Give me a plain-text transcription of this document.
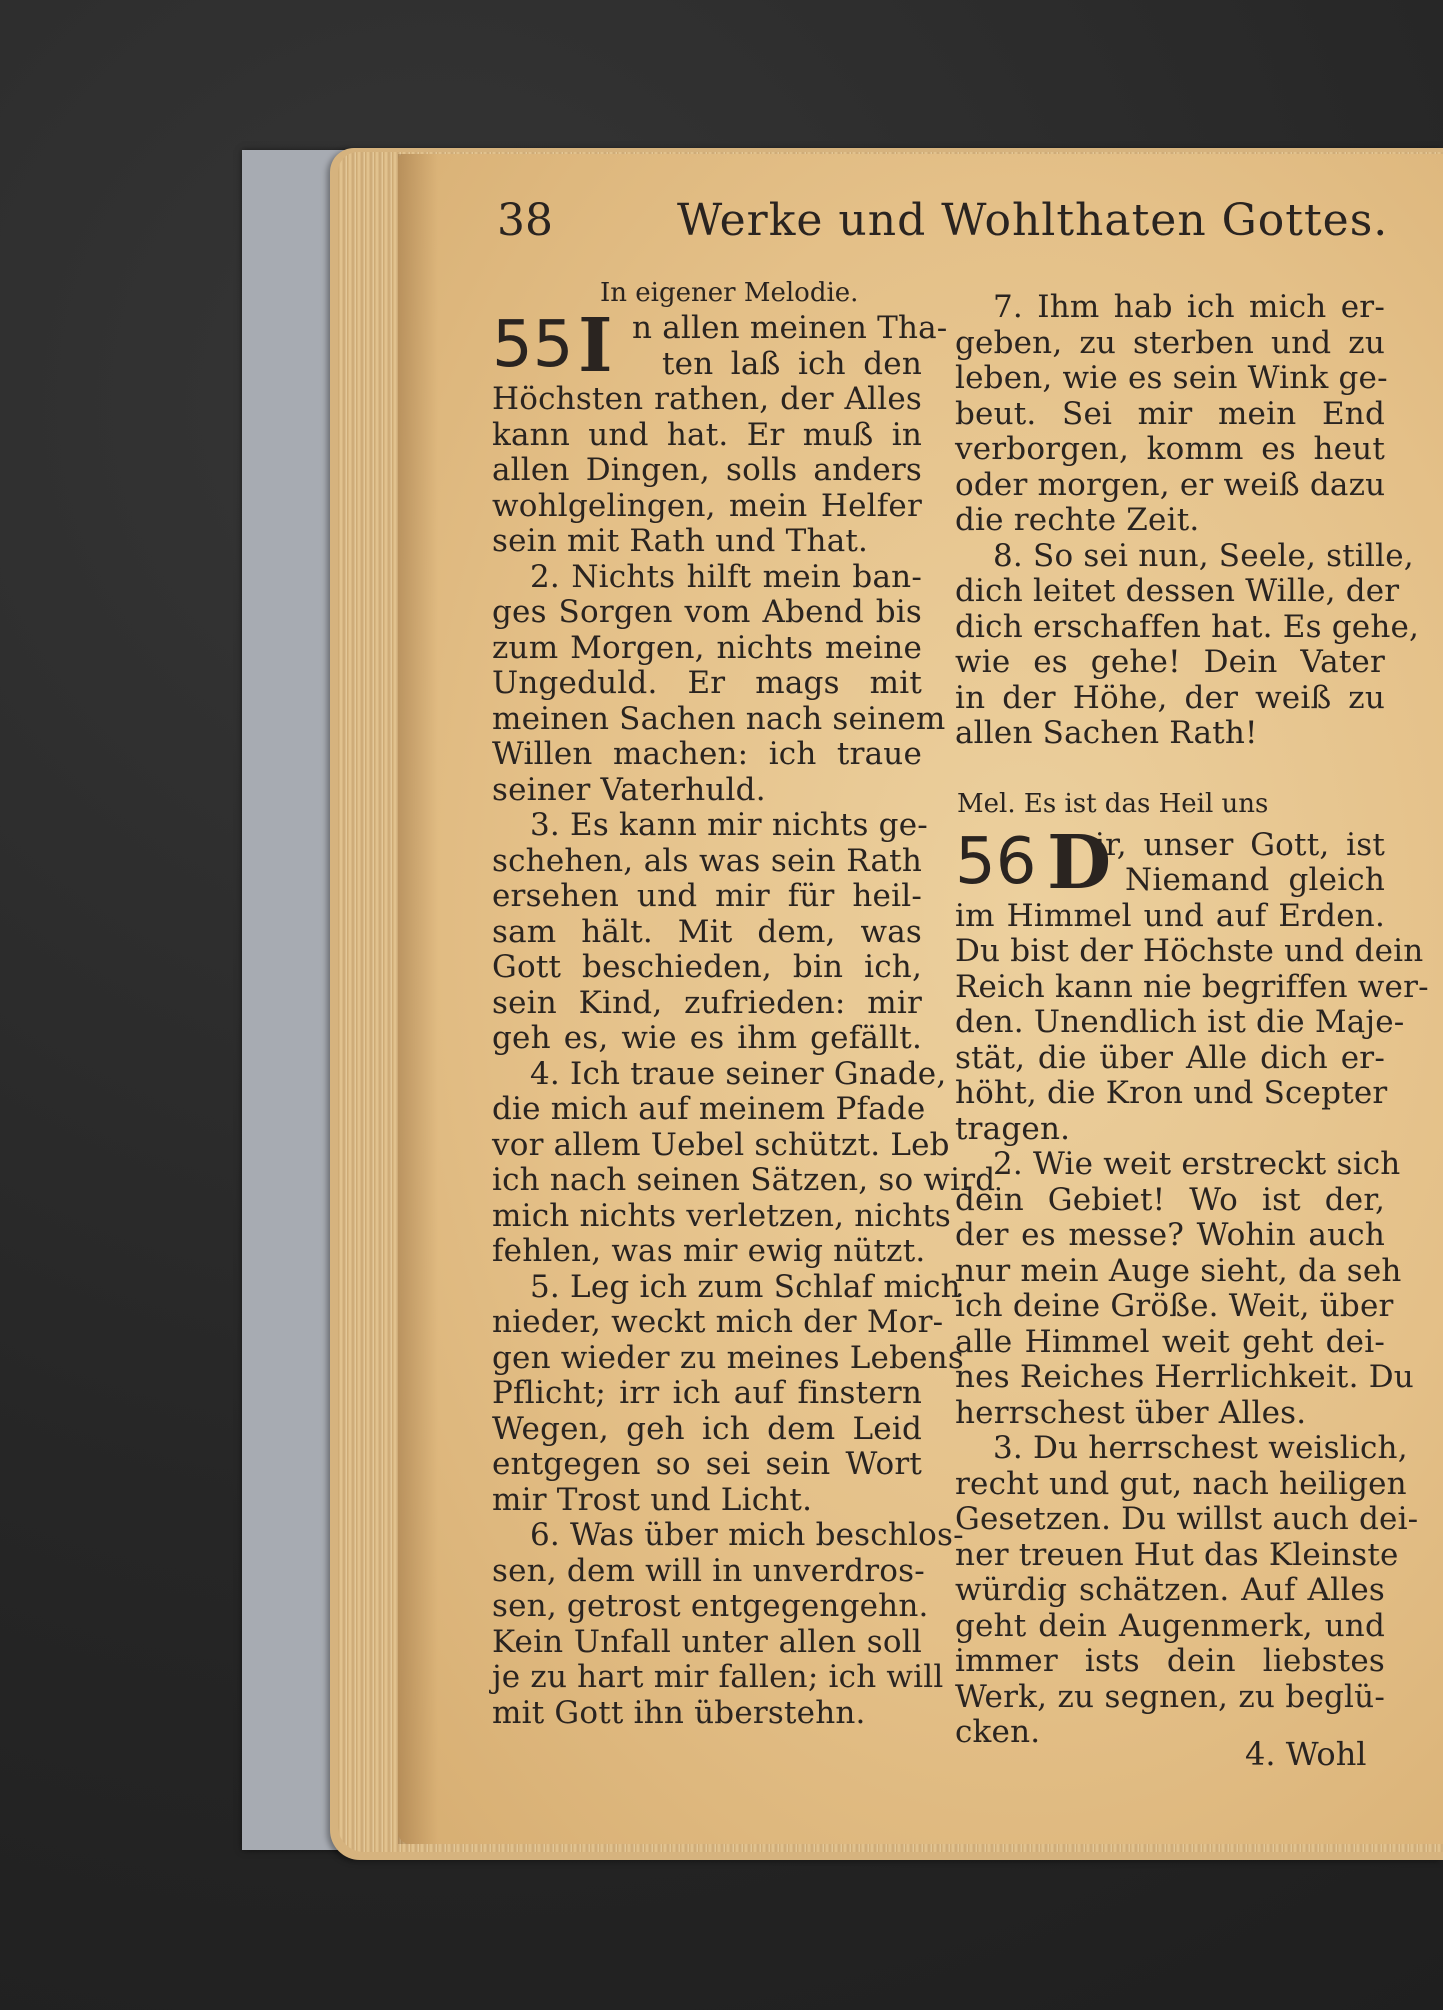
38	Werke und Wohlthaten Gottes.
In eigener Melodie.
55 I n allen meinen Tha-
ten laß ich den
Höchsten rathen, der Alles
kann und hat. Er muß in
allen Dingen, solls anders
wohlgelingen, mein Helfer
sein mit Rath und That.
2. Nichts hilft mein ban-
ges Sorgen vom Abend bis
zum Morgen, nichts meine
Ungeduld. Er mags mit
meinen Sachen nach seinem
Willen machen: ich traue
seiner Vaterhuld.
3. Es kann mir nichts ge-
schehen, als was sein Rath
ersehen und mir für heil-
sam hält. Mit dem, was
Gott beschieden, bin ich,
sein Kind, zufrieden: mir
geh es, wie es ihm gefällt.
4. Ich traue seiner Gnade,
die mich auf meinem Pfade
vor allem Uebel schützt. Leb
ich nach seinen Sätzen, so wird
mich nichts verletzen, nichts
fehlen, was mir ewig nützt.
5. Leg ich zum Schlaf mich
nieder, weckt mich der Mor-
gen wieder zu meines Lebens
Pflicht; irr ich auf finstern
Wegen, geh ich dem Leid
entgegen so sei sein Wort
mir Trost und Licht.
6. Was über mich beschlos-
sen, dem will in unverdros-
sen, getrost entgegengehn.
Kein Unfall unter allen soll
je zu hart mir fallen; ich will
mit Gott ihn überstehn.
7. Ihm hab ich mich er-
geben, zu sterben und zu
leben, wie es sein Wink ge-
beut. Sei mir mein End
verborgen, komm es heut
oder morgen, er weiß dazu
die rechte Zeit.
8. So sei nun, Seele, stille,
dich leitet dessen Wille, der
dich erschaffen hat. Es gehe,
wie es gehe! Dein Vater
in der Höhe, der weiß zu
allen Sachen Rath!
Mel. Es ist das Heil uns
56 D
ir, unser Gott, ist
Niemand gleich
im Himmel und auf Erden.
Du bist der Höchste und dein
Reich kann nie begriffen wer-
den. Unendlich ist die Maje-
stät, die über Alle dich er-
höht, die Kron und Scepter
tragen.
2. Wie weit erstreckt sich
dein Gebiet! Wo ist der,
der es messe? Wohin auch
nur mein Auge sieht, da seh
ich deine Größe. Weit, über
alle Himmel weit geht dei-
nes Reiches Herrlichkeit. Du
herrschest über Alles.
3. Du herrschest weislich,
recht und gut, nach heiligen
Gesetzen. Du willst auch dei-
ner treuen Hut das Kleinste
würdig schätzen. Auf Alles
geht dein Augenmerk, und
immer ists dein liebstes
Werk, zu segnen, zu beglü-
cken.
4. Wohl
